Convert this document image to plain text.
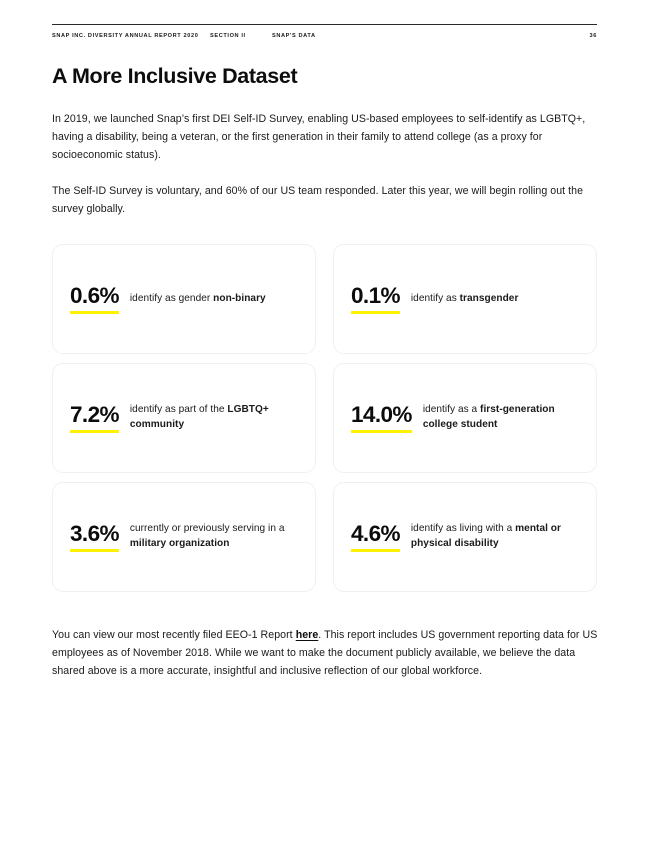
SNAP INC. DIVERSITY ANNUAL REPORT 2020	SECTION II	SNAP'S DATA	36
A More Inclusive Dataset

In 2019, we launched Snap’s first DEI Self-ID Survey, enabling US-based employees to self-identify as LGBTQ+, having a disability, being a veteran, or the first generation in their family to attend college (as a proxy for socioeconomic status).

The Self-ID Survey is voluntary, and 60% of our US team responded. Later this year, we will begin rolling out the survey globally.

0.6% identify as gender non-binary	0.1% identify as transgender
7.2% identify as part of the LGBTQ+ community	14.0% identify as a first-generation college student
3.6% currently or previously serving in a military organization	4.6% identify as living with a mental or physical disability

You can view our most recently filed EEO-1 Report here. This report includes US government reporting data for US employees as of November 2018. While we want to make the document publicly available, we believe the data shared above is a more accurate, insightful and inclusive reflection of our global workforce.
